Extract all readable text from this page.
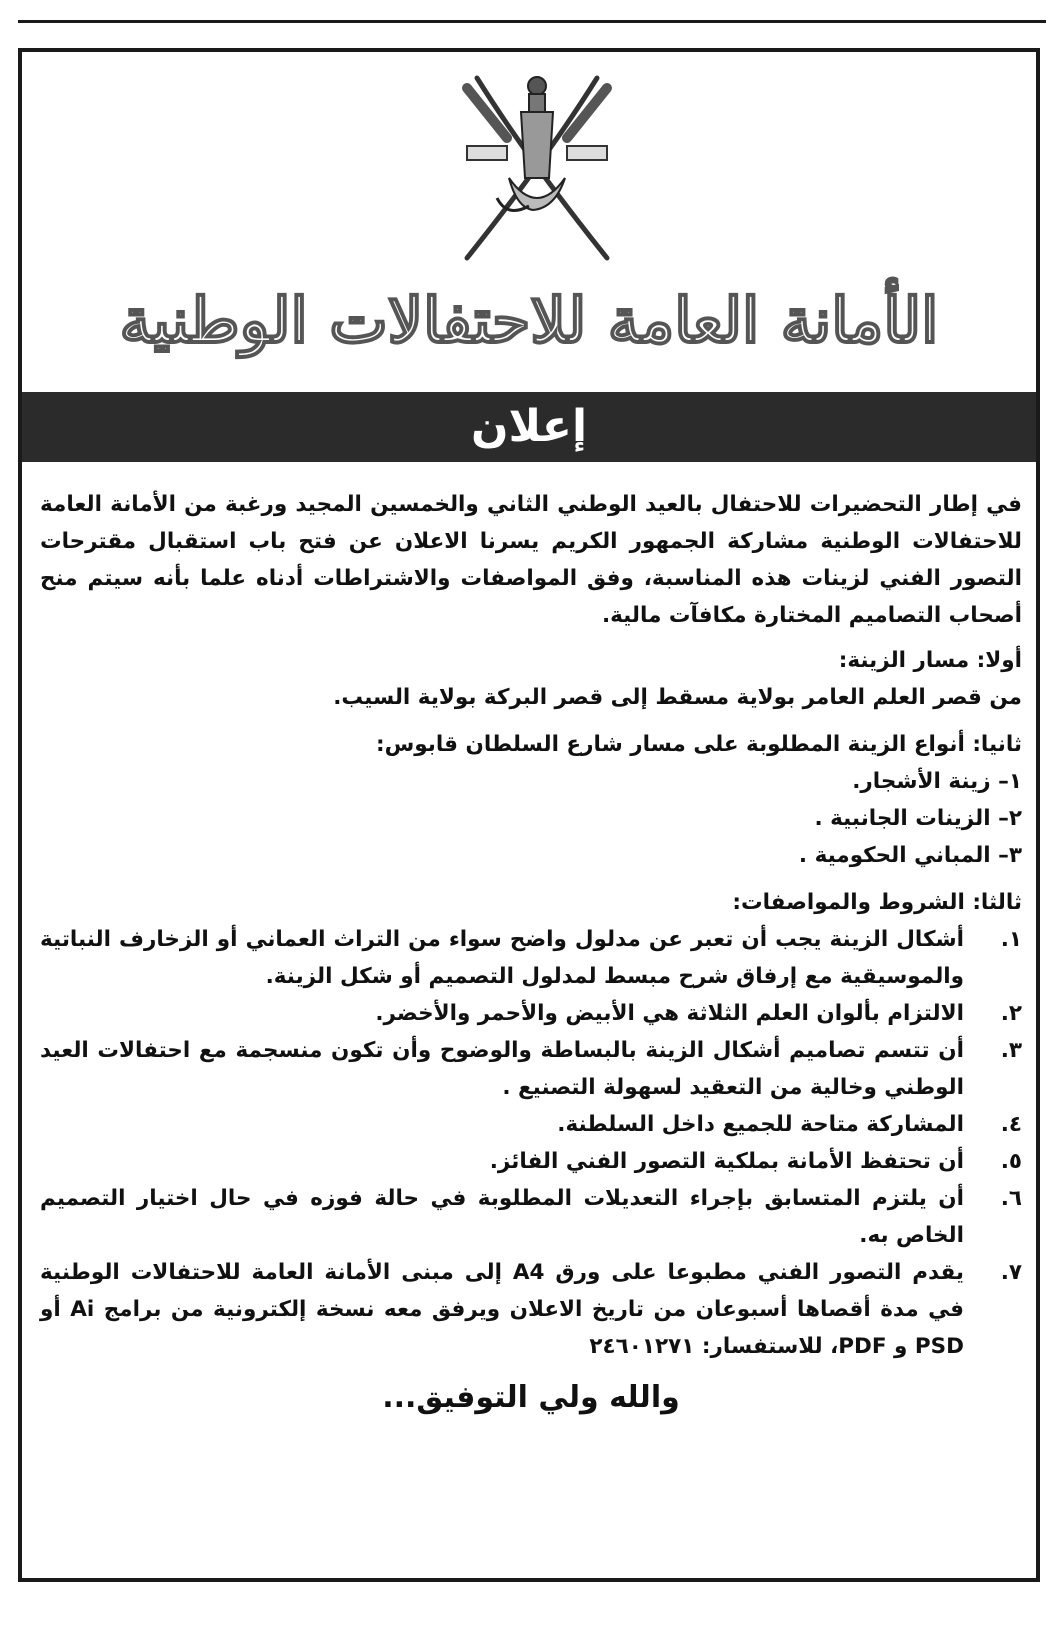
الأمانة العامة للاحتفالات الوطنية
إعلان

في إطار التحضيرات للاحتفال بالعيد الوطني الثاني والخمسين المجيد ورغبة من الأمانة العامة للاحتفالات الوطنية مشاركة الجمهور الكريم يسرنا الاعلان عن فتح باب استقبال مقترحات التصور الفني لزينات هذه المناسبة، وفق المواصفات والاشتراطات أدناه علما بأنه سيتم منح أصحاب التصاميم المختارة مكافآت مالية.

أولا: مسار الزينة:
من قصر العلم العامر بولاية مسقط إلى قصر البركة بولاية السيب.
ثانيا: أنواع الزينة المطلوبة على مسار شارع السلطان قابوس:
١– زينة الأشجار.
٢– الزينات الجانبية .
٣– المباني الحكومية .
ثالثا: الشروط والمواصفات:
١.
أشكال الزينة يجب أن تعبر عن مدلول واضح سواء من التراث العماني أو الزخارف النباتية والموسيقية مع إرفاق شرح مبسط لمدلول التصميم أو شكل الزينة.
٢.
الالتزام بألوان العلم الثلاثة هي الأبيض والأحمر والأخضر.
٣.
أن تتسم تصاميم أشكال الزينة بالبساطة والوضوح وأن تكون منسجمة مع احتفالات العيد الوطني وخالية من التعقيد لسهولة التصنيع .
٤.
المشاركة متاحة للجميع داخل السلطنة.
٥.
أن تحتفظ الأمانة بملكية التصور الفني الفائز.
٦.
أن يلتزم المتسابق بإجراء التعديلات المطلوبة في حالة فوزه في حال اختيار التصميم الخاص به.
٧.
يقدم التصور الفني مطبوعا على ورق A4 إلى مبنى الأمانة العامة للاحتفالات الوطنية في مدة أقصاها أسبوعان من تاريخ الاعلان ويرفق معه نسخة إلكترونية من برامج Ai أو PSD و PDF، للاستفسار: ٢٤٦٠١٢٧١
والله ولي التوفيق...
